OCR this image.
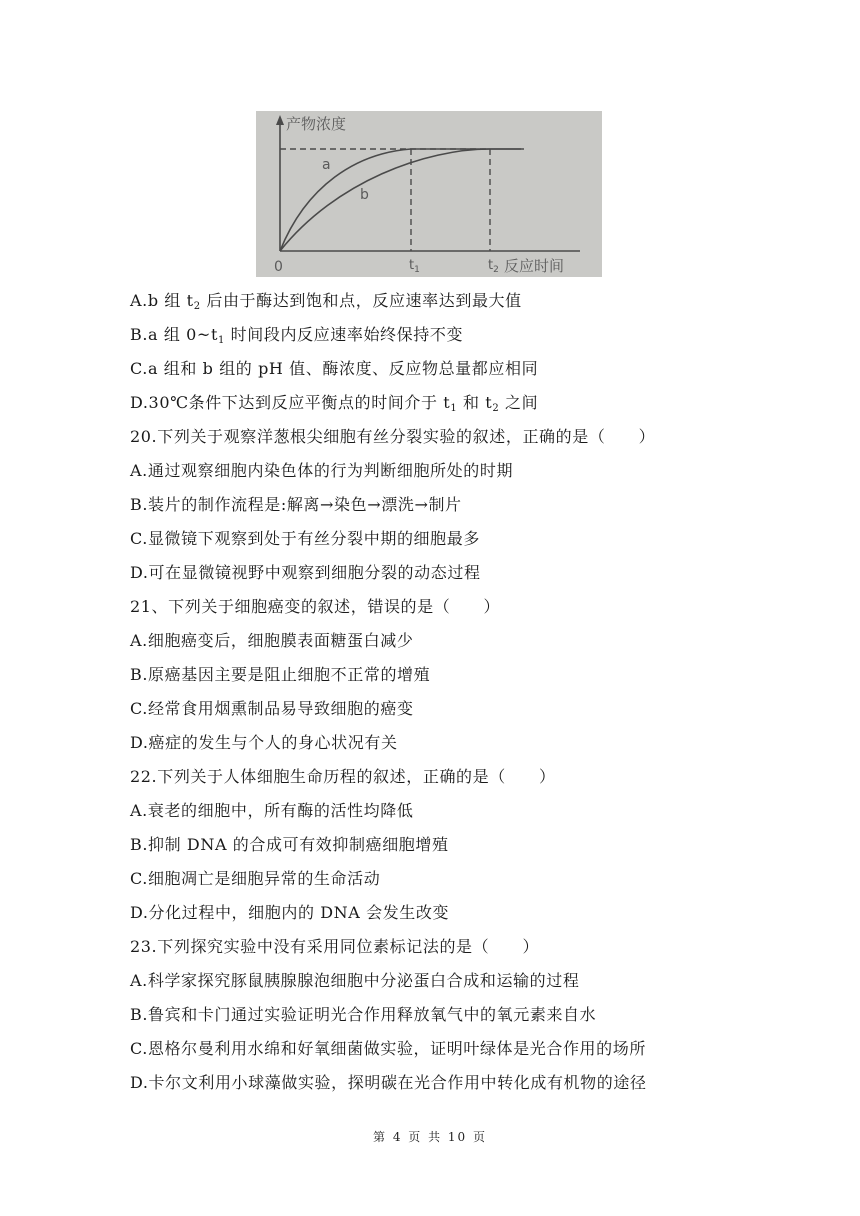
产物浓度
a
b
0	$t_1$	$t_2$ 反应时间
A.b 组 $t_2$ 后由于酶达到饱和点，反应速率达到最大值
B.a 组 $0\sim t_1$ 时间段内反应速率始终保持不变
C.a 组和 b 组的 pH 值、酶浓度、反应物总量都应相同
D.30℃条件下达到反应平衡点的时间介于 $t_1$ 和 $t_2$ 之间
20.下列关于观察洋葱根尖细胞有丝分裂实验的叙述，正确的是（　　）
A.通过观察细胞内染色体的行为判断细胞所处的时期
B.装片的制作流程是:解离→染色→漂洗→制片
C.显微镜下观察到处于有丝分裂中期的细胞最多
D.可在显微镜视野中观察到细胞分裂的动态过程
21、下列关于细胞癌变的叙述，错误的是（　　）
A.细胞癌变后，细胞膜表面糖蛋白减少
B.原癌基因主要是阻止细胞不正常的增殖
C.经常食用烟熏制品易导致细胞的癌变
D.癌症的发生与个人的身心状况有关
22.下列关于人体细胞生命历程的叙述，正确的是（　　）
A.衰老的细胞中，所有酶的活性均降低
B.抑制 DNA 的合成可有效抑制癌细胞增殖
C.细胞凋亡是细胞异常的生命活动
D.分化过程中，细胞内的 DNA 会发生改变
23.下列探究实验中没有采用同位素标记法的是（　　）
A.科学家探究豚鼠胰腺腺泡细胞中分泌蛋白合成和运输的过程
B.鲁宾和卡门通过实验证明光合作用释放氧气中的氧元素来自水
C.恩格尔曼利用水绵和好氧细菌做实验，证明叶绿体是光合作用的场所
D.卡尔文利用小球藻做实验，探明碳在光合作用中转化成有机物的途径
第 4 页 共 10 页
